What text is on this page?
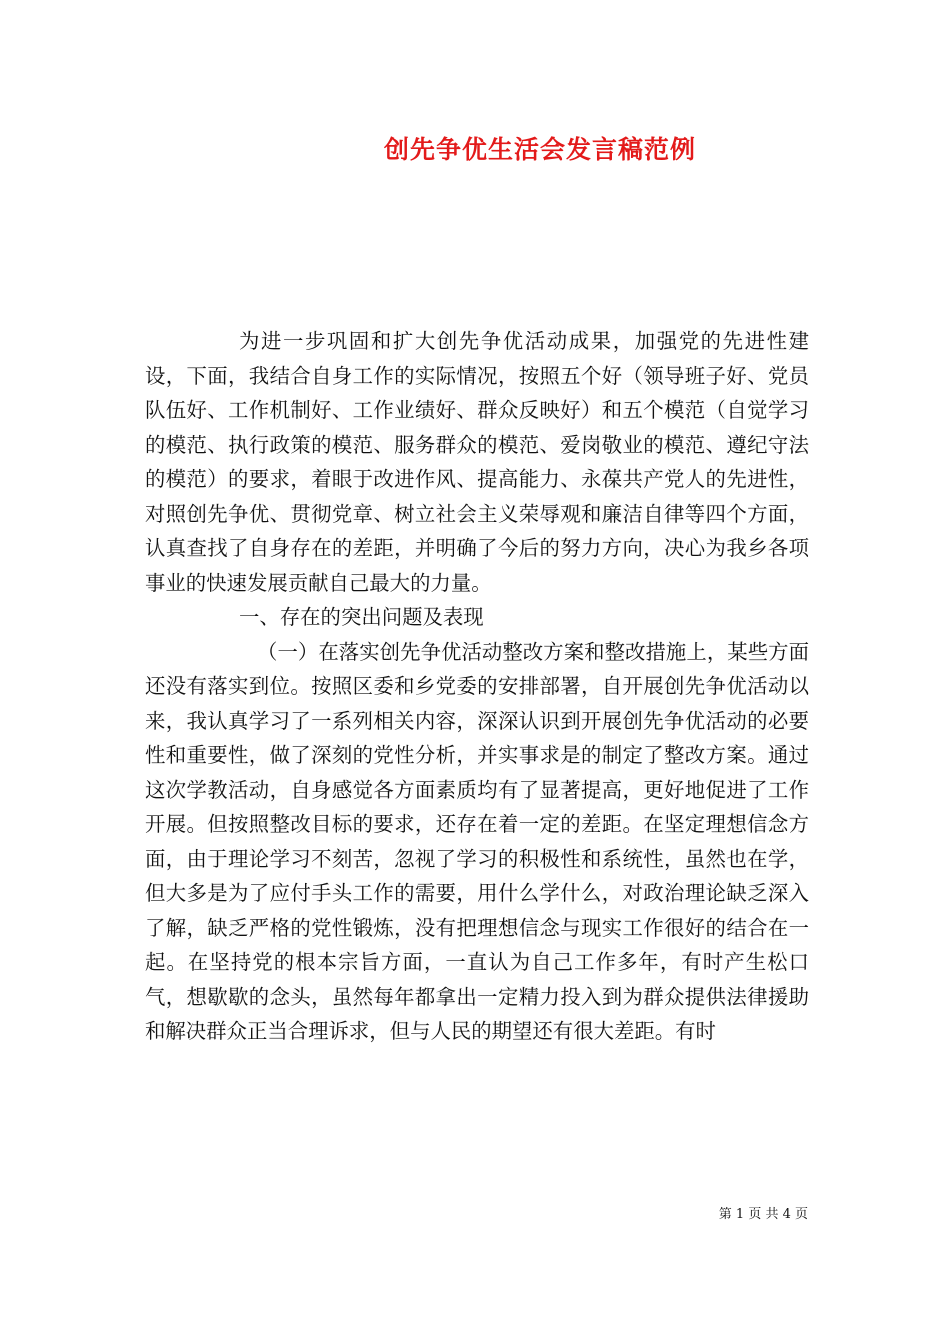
创先争优生活会发言稿范例

为进一步巩固和扩大创先争优活动成果，加强党的先进性建设，下面，我结合自身工作的实际情况，按照五个好（领导班子好、党员队伍好、工作机制好、工作业绩好、群众反映好）和五个模范（自觉学习的模范、执行政策的模范、服务群众的模范、爱岗敬业的模范、遵纪守法的模范）的要求，着眼于改进作风、提高能力、永葆共产党人的先进性，对照创先争优、贯彻党章、树立社会主义荣辱观和廉洁自律等四个方面，认真查找了自身存在的差距，并明确了今后的努力方向，决心为我乡各项事业的快速发展贡献自己最大的力量。

一、存在的突出问题及表现

（一）在落实创先争优活动整改方案和整改措施上，某些方面还没有落实到位。按照区委和乡党委的安排部署，自开展创先争优活动以来，我认真学习了一系列相关内容，深深认识到开展创先争优活动的必要性和重要性，做了深刻的党性分析，并实事求是的制定了整改方案。通过这次学教活动，自身感觉各方面素质均有了显著提高，更好地促进了工作开展。但按照整改目标的要求，还存在着一定的差距。在坚定理想信念方面，由于理论学习不刻苦，忽视了学习的积极性和系统性，虽然也在学，但大多是为了应付手头工作的需要，用什么学什么，对政治理论缺乏深入了解，缺乏严格的党性锻炼，没有把理想信念与现实工作很好的结合在一起。在坚持党的根本宗旨方面，一直认为自己工作多年，有时产生松口气，想歇歇的念头，虽然每年都拿出一定精力投入到为群众提供法律援助和解决群众正当合理诉求，但与人民的期望还有很大差距。有时

第 1 页 共 4 页
